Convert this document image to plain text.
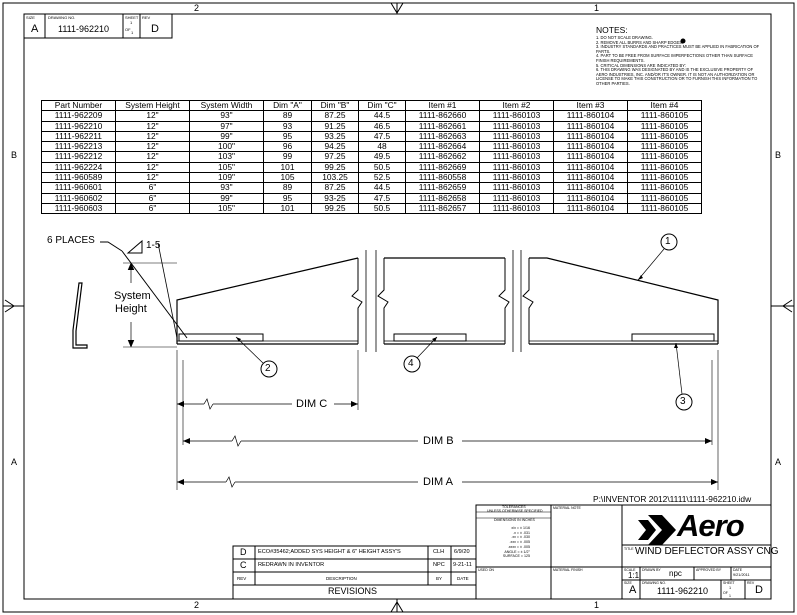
2	1
2	1
B
A
B
A
SIZE
A
DRAWING NO.
1111-962210
SHEET
1
OF
1
REV
D	NOTES:
1. DO NOT SCALE DRAWING.
2. REMOVE ALL BURRS AND SHARP EDGES.
3. INDUSTRY STANDARDS AND PRACTICES MUST BE APPLIED IN FABRICATION OF PARTS.
4. PART TO BE FREE FROM SURFACE IMPERFECTIONS OTHER THAN SURFACE FINISH REQUIREMENTS.
5. CRITICAL DIMENSIONS ARE INDICATED BY:
6. THIS DRAWING WAS DESIGNATED BY AND IS THE EXCLUSIVE PROPERTY OF AERO INDUSTRIES, INC. AND/OR IT'S OWNER. IT IS NOT AN AUTHORIZATION OR LICENSE TO MAKE THIS CONSTRUCTION OR TO FURNISH THIS INFORMATION TO OTHER PARTIES.
Part Number	System Height	System Width	Dim "A"	Dim "B"	Dim "C"	Item #1	Item #2	Item #3	Item #4
1111-962209	12"	93"	89	87.25	44.5	1111-862660	1111-860103	1111-860104	1111-860105
1111-962210	12"	97"	93	91.25	46.5	1111-862661	1111-860103	1111-860104	1111-860105
1111-962211	12"	99"	95	93.25	47.5	1111-862663	1111-860103	1111-860104	1111-860105
1111-962213	12"	100"	96	94.25	48	1111-862664	1111-860103	1111-860104	1111-860105
1111-962212	12"	103"	99	97.25	49.5	1111-862662	1111-860103	1111-860104	1111-860105
1111-962224	12"	105"	101	99.25	50.5	1111-862669	1111-860103	1111-860104	1111-860105
1111-960589	12"	109"	105	103.25	52.5	1111-860558	1111-860103	1111-860104	1111-860105
1111-960601	6"	93"	89	87.25	44.5	1111-862659	1111-860103	1111-860104	1111-860105
1111-960602	6"	99"	95	93-25	47.5	1111-862658	1111-860103	1111-860104	1111-860105
1111-960603	6"	105"	101	99.25	50.5	1111-862657	1111-860103	1111-860104	1111-860105
6 PLACES	1-5
System
Height
1
2
3
4
DIM C
DIM B
DIM A
P:\INVENTOR 2012\1111\1111-962210.idw
D ECO#35462;ADDED SYS HEIGHT & 6" HEIGHT ASSY'S	CLH 6/9/20
C REDRAWN IN INVENTOR	NPC 9-21-11
REV	DESCRIPTION	BY	DATE
REVISIONS
TOLERANCES
UNLESS OTHERWISE SPECIFIED
DIMENSIONS IN INCHES
x/x = ± 1/16
.x = ± .031
.xx = ± .030
.xxx = ± .005
.xxxx = ± .005
ANGLE = ± 1/2°
SURFACE = 125
MATERIAL NOTE
USED ON	MATERIAL FINISH
Aero
TITLE WIND DEFLECTOR ASSY CNG
SCALE
1:1
DRAWN BY npc	APPROVED BY	DATE
9/21/2011
SIZE
A
DRAWING NO.
1111-962210
SHEET
1
OF
1
REV
D
